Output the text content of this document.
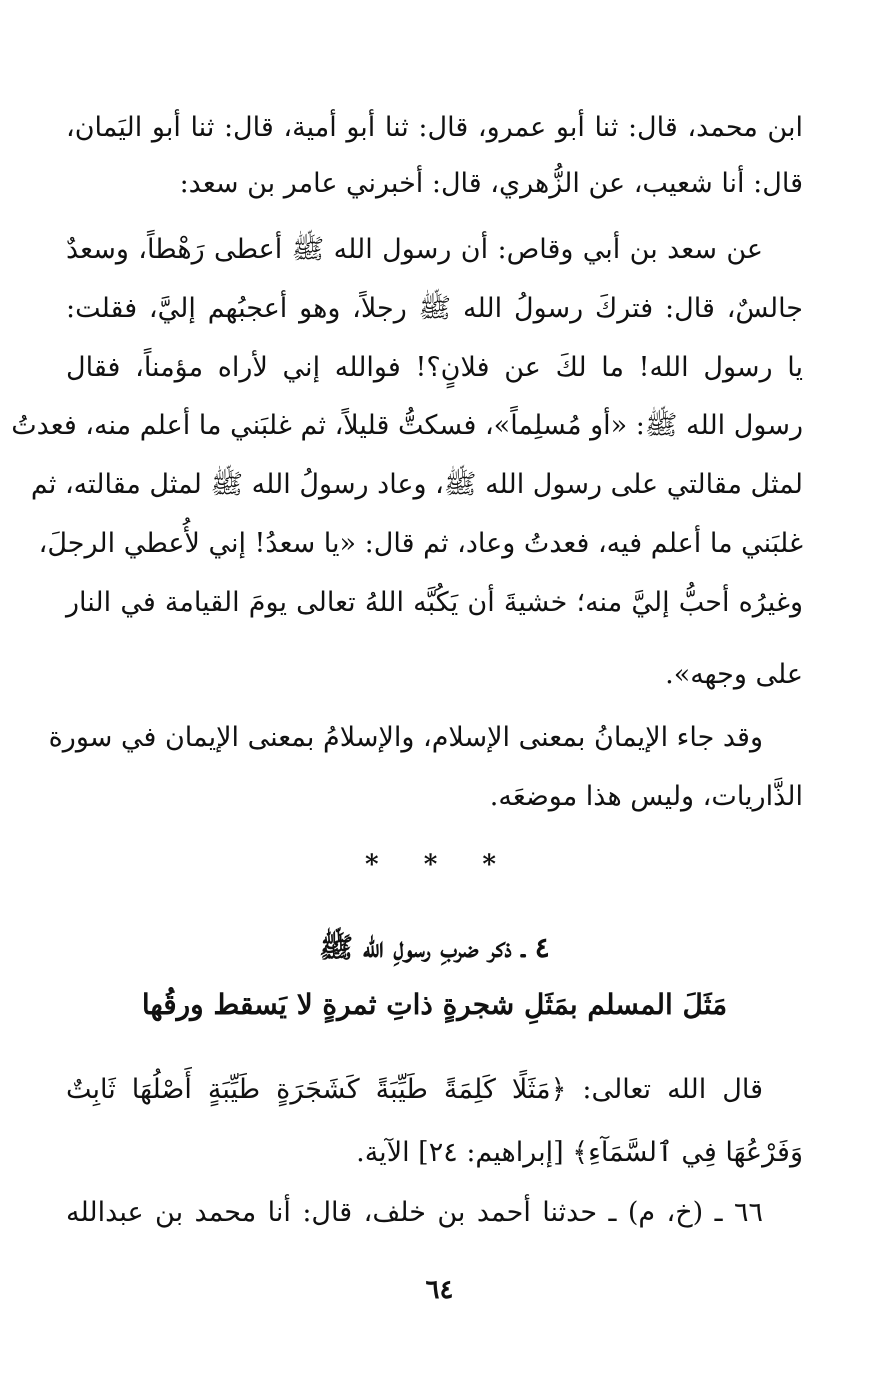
ابن محمد، قال: ثنا أبو عمرو، قال: ثنا أبو أمية، قال: ثنا أبو اليَمان،
قال: أنا شعيب، عن الزُّهري، قال: أخبرني عامر بن سعد:
عن سعد بن أبي وقاص: أن رسول الله ﷺ أعطى رَهْطاً، وسعدٌ
جالسٌ، قال: فتركَ رسولُ الله ﷺ رجلاً، وهو أعجبُهم إليَّ، فقلت:
يا رسول الله! ما لكَ عن فلانٍ؟! فوالله إني لأراه مؤمناً، فقال
رسول الله ﷺ: «أو مُسلِماً»، فسكتُّ قليلاً، ثم غلبَني ما أعلم منه، فعدتُ
لمثل مقالتي على رسول الله ﷺ، وعاد رسولُ الله ﷺ لمثل مقالته، ثم
غلبَني ما أعلم فيه، فعدتُ وعاد، ثم قال: «يا سعدُ! إني لأُعطي الرجلَ،
وغيرُه أحبُّ إليَّ منه؛ خشيةَ أن يَكُبَّه اللهُ تعالى يومَ القيامة في النار
على وجهه».
وقد جاء الإيمانُ بمعنى الإسلام، والإسلامُ بمعنى الإيمان في سورة
الذَّاريات، وليس هذا موضعَه.
* * *
٤ ـ ذكر ضربِ رسولِ الله ﷺ
مَثَلَ المسلم بمَثَلِ شجرةٍ ذاتِ ثمرةٍ لا يَسقط ورقُها
قال الله تعالى: ﴿مَثَلًا كَلِمَةً طَيِّبَةً كَشَجَرَةٍ طَيِّبَةٍ أَصْلُهَا ثَابِتٌ
وَفَرْعُهَا فِي ٱلسَّمَآءِ﴾ [إبراهيم: ٢٤] الآية.
٦٦ ـ (خ، م) ـ حدثنا أحمد بن خلف، قال: أنا محمد بن عبدالله
٦٤
